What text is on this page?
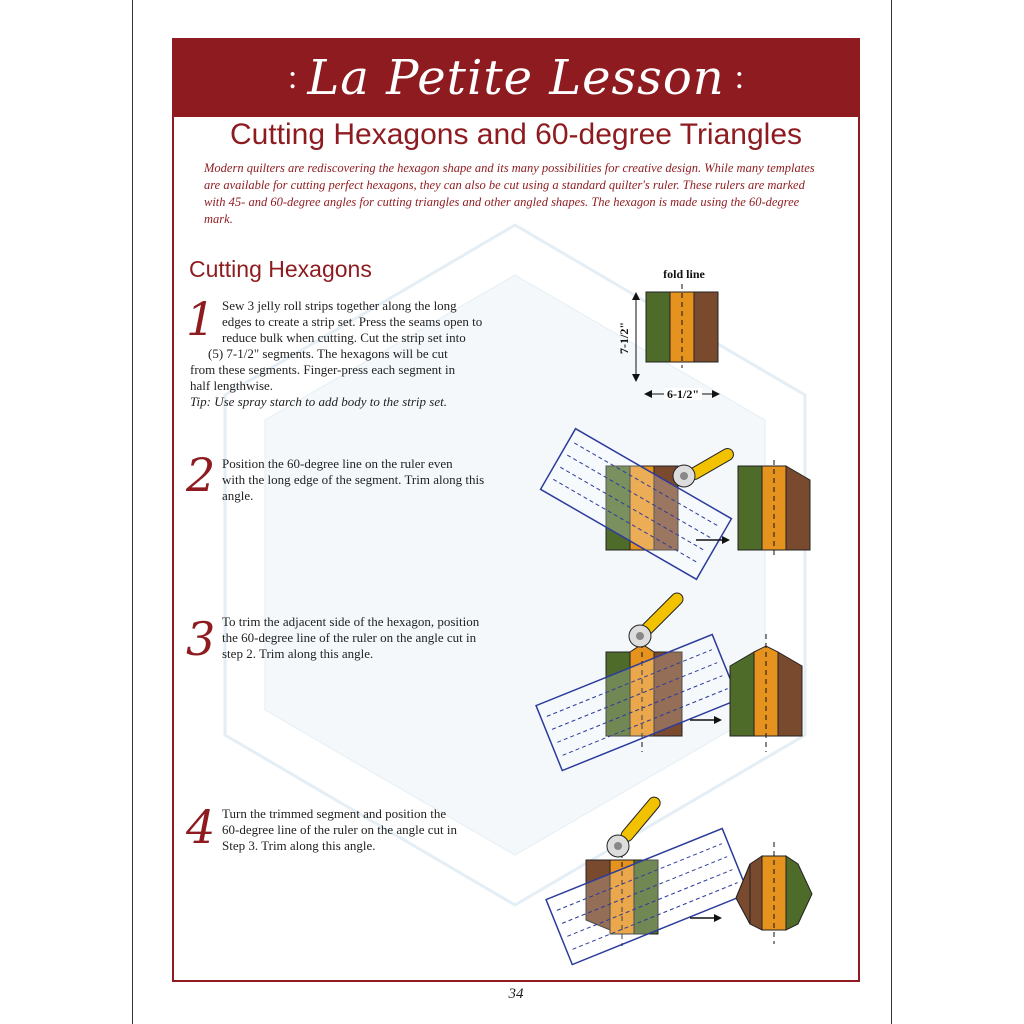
: La Petite Lesson :
Cutting Hexagons and 60-degree Triangles
Modern quilters are rediscovering the hexagon shape and its many possibilities for creative design. While many templates are available for cutting perfect hexagons, they can also be cut using a standard quilter's ruler. These rulers are marked with 45- and 60-degree angles for cutting triangles and other angled shapes. The hexagon is made using the 60-degree mark.
Cutting Hexagons
1 Sew 3 jelly roll strips together along the long
edges to create a strip set. Press the seams open to
reduce bulk when cutting. Cut the strip set into
(5) 7-1/2" segments. The hexagons will be cut
from these segments. Finger-press each segment in
half lengthwise.
Tip: Use spray starch to add body to the strip set.
2 Position the 60-degree line on the ruler even
with the long edge of the segment. Trim along this
angle.
3 To trim the adjacent side of the hexagon, position
the 60-degree line of the ruler on the angle cut in
step 2. Trim along this angle.
4 Turn the trimmed segment and position the
60-degree line of the ruler on the angle cut in
Step 3. Trim along this angle.
fold line
7-1/2"
6-1/2"
34
